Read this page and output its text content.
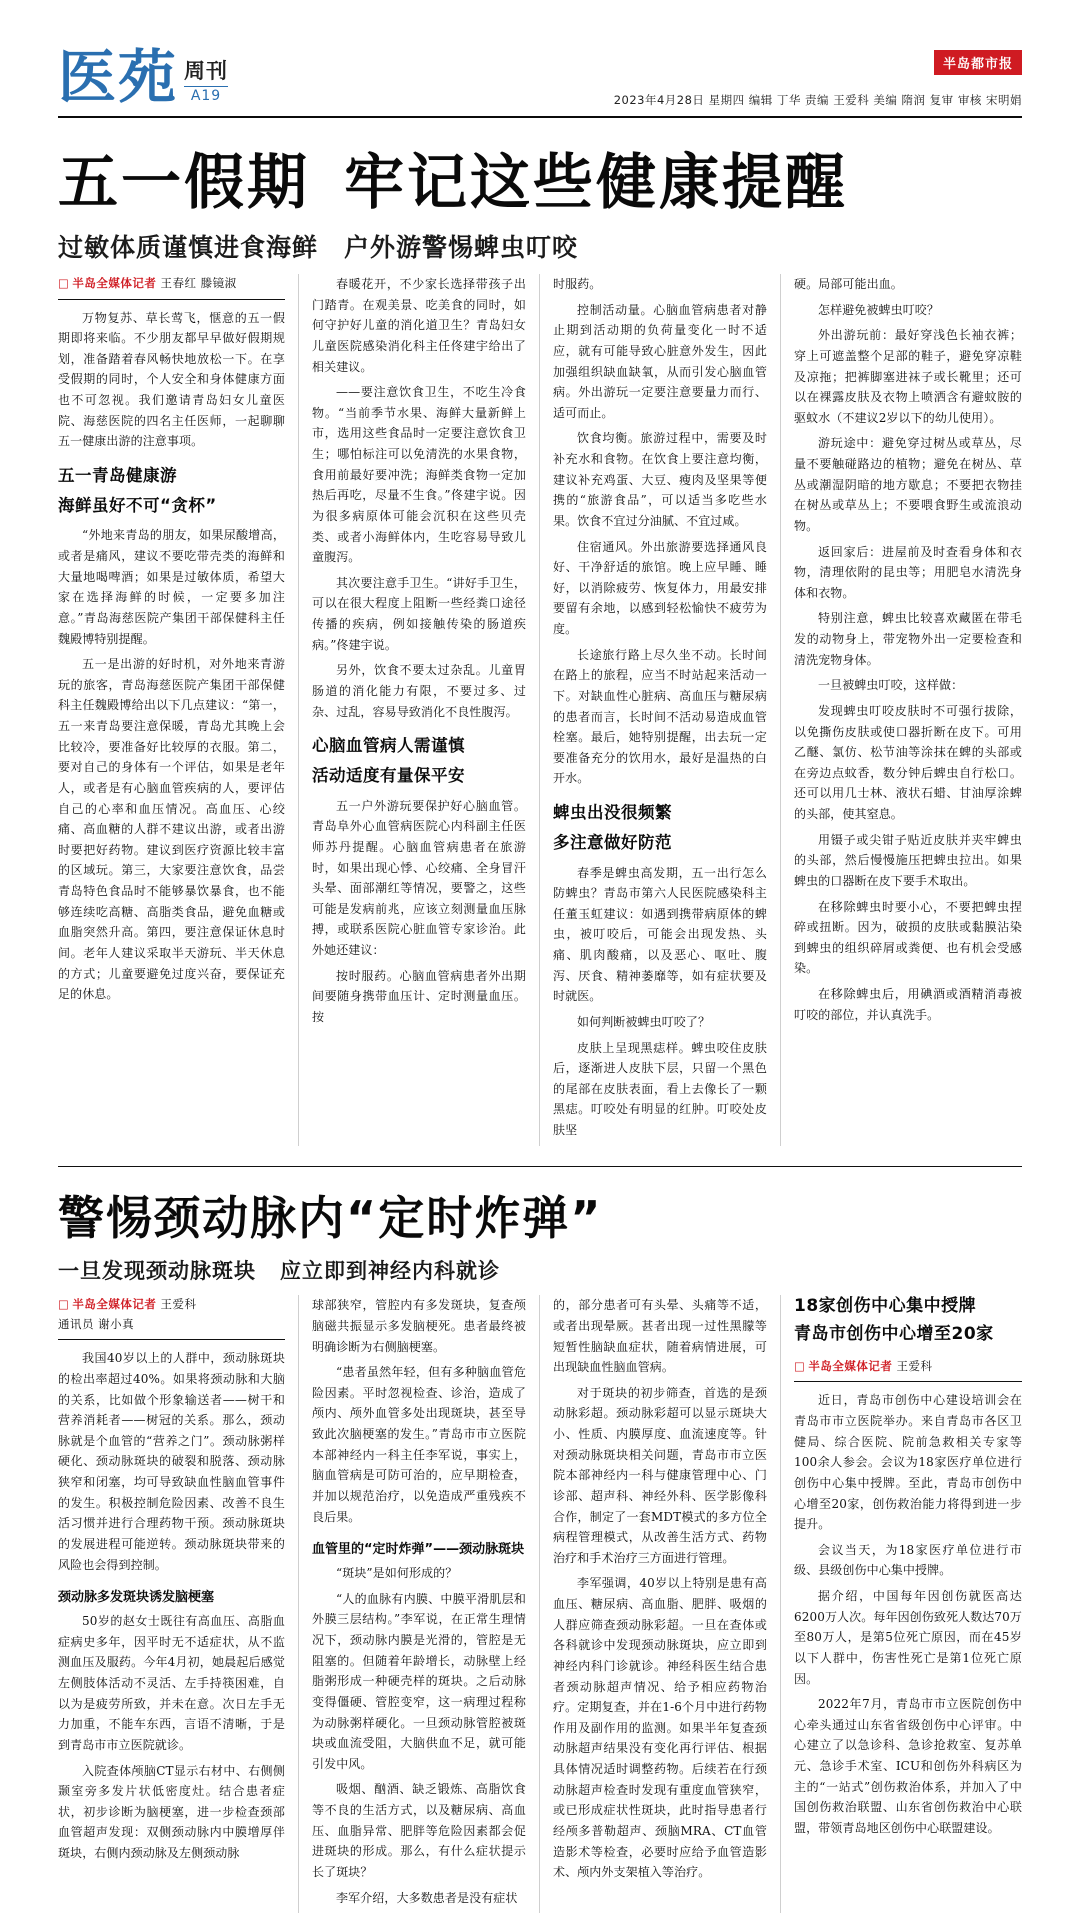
医苑 周刊
A19
半岛都市报
2023年4月28日 星期四 编辑 丁华 责编 王爱科 美编 隋润 复审 审核 宋明娟
五一假期 牢记这些健康提醒
过敏体质谨慎进食海鲜 户外游警惕蜱虫叮咬
□ 半岛全媒体记者 王春红 滕镜淑

万物复苏、草长莺飞，惬意的五一假期即将来临。不少朋友都早早做好假期规划，准备踏着春风畅快地放松一下。在享受假期的同时，个人安全和身体健康方面也不可忽视。我们邀请青岛妇女儿童医院、海慈医院的四名主任医师，一起聊聊五一健康出游的注意事项。

五一青岛健康游
海鲜虽好不可“贪杯”

“外地来青岛的朋友，如果尿酸增高，或者是痛风，建议不要吃带壳类的海鲜和大量地喝啤酒；如果是过敏体质，希望大家在选择海鲜的时候，一定要多加注意。”青岛海慈医院产集团干部保健科主任魏殿博特别提醒。

五一是出游的好时机，对外地来青游玩的旅客，青岛海慈医院产集团干部保健科主任魏殿博给出以下几点建议：“第一，五一来青岛要注意保暖，青岛尤其晚上会比较冷，要准备好比较厚的衣服。第二，要对自己的身体有一个评估，如果是老年人，或者是有心脑血管疾病的人，要评估自己的心率和血压情况。高血压、心绞痛、高血糖的人群不建议出游，或者出游时要把好药物。建议到医疗资源比较丰富的区域玩。第三，大家要注意饮食，品尝青岛特色食品时不能够暴饮暴食，也不能够连续吃高糖、高脂类食品，避免血糖或血脂突然升高。第四，要注意保证休息时间。老年人建议采取半天游玩、半天休息的方式；儿童要避免过度兴奋，要保证充足的休息。

春暖花开，不少家长选择带孩子出门踏青。在观美景、吃美食的同时，如何守护好儿童的消化道卫生？青岛妇女儿童医院感染消化科主任佟建宇给出了相关建议。

——要注意饮食卫生，不吃生冷食物。“当前季节水果、海鲜大量新鲜上市，选用这些食品时一定要注意饮食卫生；哪怕标注可以免清洗的水果食物，食用前最好要冲洗；海鲜类食物一定加热后再吃，尽量不生食。”佟建宇说。因为很多病原体可能会沉积在这些贝壳类、或者小海鲜体内，生吃容易导致儿童腹泻。

其次要注意手卫生。“讲好手卫生，可以在很大程度上阻断一些经粪口途径传播的疾病，例如接触传染的肠道疾病。”佟建宇说。

另外，饮食不要太过杂乱。儿童胃肠道的消化能力有限，不要过多、过杂、过乱，容易导致消化不良性腹泻。

心脑血管病人需谨慎
活动适度有量保平安

五一户外游玩要保护好心脑血管。青岛阜外心血管病医院心内科副主任医师苏丹提醒。心脑血管病患者在旅游时，如果出现心悸、心绞痛、全身冒汗头晕、面部潮红等情况，要警之，这些可能是发病前兆，应该立刻测量血压脉搏，或联系医院心脏血管专家诊治。此外她还建议：

按时服药。心脑血管病患者外出期间要随身携带血压计、定时测量血压。按

时服药。

控制活动量。心脑血管病患者对静止期到活动期的负荷量变化一时不适应，就有可能导致心脏意外发生，因此加强组织缺血缺氧，从而引发心脑血管病。外出游玩一定要注意要量力而行、适可而止。

饮食均衡。旅游过程中，需要及时补充水和食物。在饮食上要注意均衡，建议补充鸡蛋、大豆、瘦肉及坚果等便携的“旅游食品”，可以适当多吃些水果。饮食不宜过分油腻、不宜过咸。

住宿通风。外出旅游要选择通风良好、干净舒适的旅馆。晚上应早睡、睡好，以消除疲劳、恢复体力，用最安排要留有余地，以感到轻松愉快不疲劳为度。

长途旅行路上尽久坐不动。长时间在路上的旅程，应当不时站起来活动一下。对缺血性心脏病、高血压与糖尿病的患者而言，长时间不活动易造成血管栓塞。最后，她特别提醒，出去玩一定要准备充分的饮用水，最好是温热的白开水。

蜱虫出没很频繁
多注意做好防范

春季是蜱虫高发期，五一出行怎么防蜱虫？青岛市第六人民医院感染科主任董玉虹建议：如遇到携带病原体的蜱虫，被叮咬后，可能会出现发热、头痛、肌肉酸痛，以及恶心、呕吐、腹泻、厌食、精神萎靡等，如有症状要及时就医。

如何判断被蜱虫叮咬了？

皮肤上呈现黑痣样。蜱虫咬住皮肤后，逐渐进人皮肤下层，只留一个黑色的尾部在皮肤表面，看上去像长了一颗黑痣。叮咬处有明显的红肿。叮咬处皮肤坚

硬。局部可能出血。

怎样避免被蜱虫叮咬？

外出游玩前：最好穿浅色长袖衣裤；穿上可遮盖整个足部的鞋子，避免穿凉鞋及凉拖；把裤脚塞进袜子或长靴里；还可以在裸露皮肤及衣物上喷洒含有避蚊胺的驱蚊水（不建议2岁以下的幼儿使用）。

游玩途中：避免穿过树丛或草丛，尽量不要触碰路边的植物；避免在树丛、草丛或潮湿阴暗的地方歇息；不要把衣物挂在树丛或草丛上；不要喂食野生或流浪动物。

返回家后：进屋前及时查看身体和衣物，清理依附的昆虫等；用肥皂水清洗身体和衣物。

特别注意，蜱虫比较喜欢藏匿在带毛发的动物身上，带宠物外出一定要检查和清洗宠物身体。

一旦被蜱虫叮咬，这样做：

发现蜱虫叮咬皮肤时不可强行拔除，以免撕伤皮肤或使口器折断在皮下。可用乙醚、氯仿、松节油等涂抹在蜱的头部或在旁边点蚊香，数分钟后蜱虫自行松口。还可以用几士林、液状石蜡、甘油厚涂蜱的头部，使其窒息。

用镊子或尖钳子贴近皮肤并夹牢蜱虫的头部，然后慢慢施压把蜱虫拉出。如果蜱虫的口器断在皮下要手术取出。

在移除蜱虫时要小心，不要把蜱虫捏碎或扭断。因为，破损的皮肤或黏膜沾染到蜱虫的组织碎屑或粪便、也有机会受感染。

在移除蜱虫后，用碘酒或酒精消毒被叮咬的部位，并认真洗手。

警惕颈动脉内“定时炸弹”
一旦发现颈动脉斑块 应立即到神经内科就诊
□ 半岛全媒体记者 王爱科
通讯员 谢小真

我国40岁以上的人群中，颈动脉斑块的检出率超过40%。如果将颈动脉和大脑的关系，比如做个形象输送者——树干和营养消耗者——树冠的关系。那么，颈动脉就是个血管的“营养之门”。颈动脉粥样硬化、颈动脉斑块的破裂和脱落、颈动脉狭窄和闭塞，均可导致缺血性脑血管事件的发生。积极控制危险因素、改善不良生活习惯并进行合理药物干预。颈动脉斑块的发展进程可能逆转。颈动脉斑块带来的风险也会得到控制。

颈动脉多发斑块诱发脑梗塞

50岁的赵女士既往有高血压、高脂血症病史多年，因平时无不适症状，从不监测血压及服药。今年4月初，她晨起后感觉左侧肢体活动不灵活、左手持筷困难，自以为是疲劳所致，并未在意。次日左手无力加重，不能车东西，言语不清晰，于是到青岛市市立医院就诊。

入院查体颅脑CT显示右材中、右侧侧颞室旁多发片状低密度灶。结合患者症状，初步诊断为脑梗塞，进一步检查颈部血管超声发现：双侧颈动脉内中膜增厚伴斑块，右侧内颈动脉及左侧颈动脉

球部狭窄，管腔内有多发斑块，复查颅脑磁共振显示多发脑梗死。患者最终被明确诊断为右侧脑梗塞。

“患者虽然年轻，但有多种脑血管危险因素。平时忽视检查、诊治，造成了颅内、颅外血管多处出现斑块，甚至导致此次脑梗塞的发生。”青岛市市立医院本部神经内一科主任李军说，事实上，脑血管病是可防可治的，应早期检查，并加以规范治疗，以免造成严重残疾不良后果。

血管里的“定时炸弹”——颈动脉斑块

“斑块”是如何形成的？

“人的血脉有内膜、中膜平滑肌层和外膜三层结构。”李军说，在正常生理情况下，颈动脉内膜是光滑的，管腔是无阻塞的。但随着年龄增长，动脉壁上经脂粥形成一种硬壳样的斑块。之后动脉变得僵硬、管腔变窄，这一病理过程称为动脉粥样硬化。一旦颈动脉管腔被斑块或血流受阻，大脑供血不足，就可能引发中风。

吸烟、酗酒、缺乏锻炼、高脂饮食等不良的生活方式，以及糖尿病、高血压、血脂异常、肥胖等危险因素都会促进斑块的形成。那么，有什么症状提示长了斑块？

李军介绍，大多数患者是没有症状

的，部分患者可有头晕、头痛等不适，或者出现晕厥。甚者出现一过性黑朦等短暂性脑缺血症状，随着病情进展，可出现缺血性脑血管病。

对于斑块的初步筛查，首选的是颈动脉彩超。颈动脉彩超可以显示斑块大小、性质、内膜厚度、血流速度等。针对颈动脉斑块相关问题，青岛市市立医院本部神经内一科与健康管理中心、门诊部、超声科、神经外科、医学影像科合作，制定了一套MDT模式的多方位全病程管理模式，从改善生活方式、药物治疗和手术治疗三方面进行管理。

李军强调，40岁以上特别是患有高血压、糖尿病、高血脂、肥胖、吸烟的人群应筛查颈动脉彩超。一旦在查体或各科就诊中发现颈动脉斑块，应立即到神经内科门诊就诊。神经科医生结合患者颈动脉超声情况、给予相应药物治疗。定期复查，并在1-6个月中进行药物作用及副作用的监测。如果半年复查颈动脉超声结果没有变化再行评估、根据具体情况适时调整药物。后续若在行颈动脉超声检查时发现有重度血管狭窄，或已形成症状性斑块，此时指导患者行经颅多普勒超声、颈脑MRA、CT血管造影术等检查，必要时应给予血管造影术、颅内外支架植入等治疗。

18家创伤中心集中授牌
青岛市创伤中心增至20家
□ 半岛全媒体记者 王爱科

近日，青岛市创伤中心建设培训会在青岛市市立医院举办。来自青岛市各区卫健局、综合医院、院前急救相关专家等100余人参会。会议为18家医疗单位进行创伤中心集中授牌。至此，青岛市创伤中心增至20家，创伤救治能力将得到进一步提升。

会议当天，为18家医疗单位进行市级、县级创伤中心集中授牌。

据介绍，中国每年因创伤就医高达6200万人次。每年因创伤致死人数达70万至80万人，是第5位死亡原因，而在45岁以下人群中，伤害性死亡是第1位死亡原因。

2022年7月，青岛市市立医院创伤中心牵头通过山东省省级创伤中心评审。中心建立了以急诊科、急诊抢救室、复苏单元、急诊手术室、ICU和创伤外科病区为主的“一站式”创伤救治体系，并加入了中国创伤救治联盟、山东省创伤救治中心联盟，带领青岛地区创伤中心联盟建设。
